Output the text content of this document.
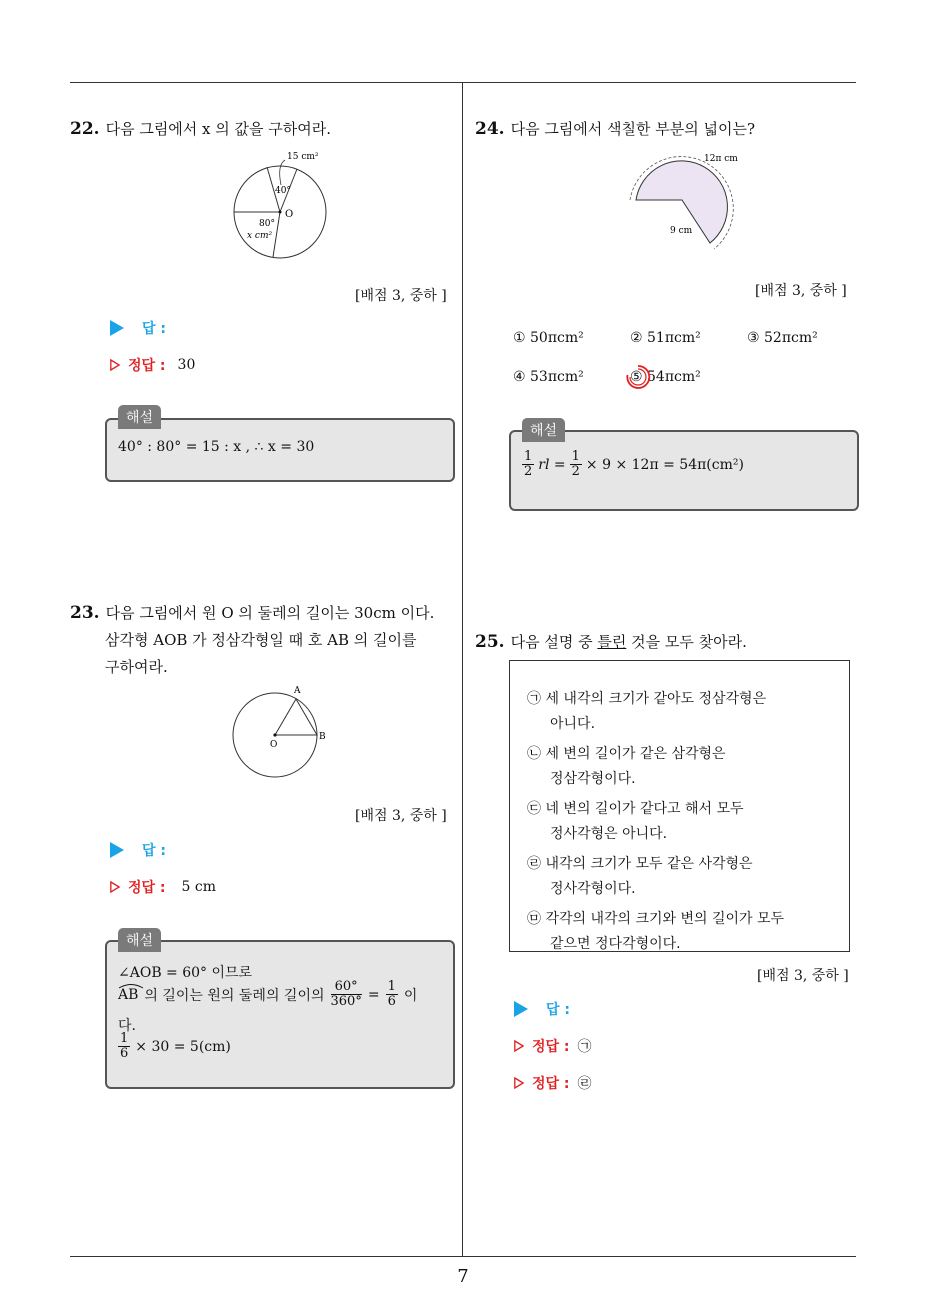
22. 다음 그림에서 x 의 값을 구하여라.
15 cm²
40°
80°
O
x cm²
[배점 3, 중하 ]
답 :
정답 : 30
해설
40° : 80° = 15 : x , ∴ x = 30
23. 다음 그림에서 원 O 의 둘레의 길이는 30cm 이다.
삼각형 AOB 가 정삼각형일 때 호 AB 의 길이를
구하여라.
A
B
O
[배점 3, 중하 ]
답 :
정답 : 5 cm
해설
∠AOB = 60° 이므로
AB 의 길이는 원의 둘레의 길이의 $\frac{60^\circ}{360^\circ} = \frac{1}{6}$ 이
다.
$\frac{1}{6} \times 30 = 5(cm)$
24. 다음 그림에서 색칠한 부분의 넓이는?
12π cm
9 cm
[배점 3, 중하 ]
① 50πcm²	② 51πcm²	③ 52πcm²
④ 53πcm²	⑤ 54πcm²
해설
$\frac{1}{2}$ rl = $\frac{1}{2} \times 9 \times 12\pi = 54\pi(cm^2)$
25. 다음 설명 중 틀린 것을 모두 찾아라.
㉠ 세 내각의 크기가 같아도 정삼각형은
아니다.
㉡ 세 변의 길이가 같은 삼각형은
정삼각형이다.
㉢ 네 변의 길이가 같다고 해서 모두
정사각형은 아니다.
㉣ 내각의 크기가 모두 같은 사각형은
정사각형이다.
㉤ 각각의 내각의 크기와 변의 길이가 모두
같으면 정다각형이다.
[배점 3, 중하 ]
답 :
정답 : ㉠
정답 : ㉣
7
